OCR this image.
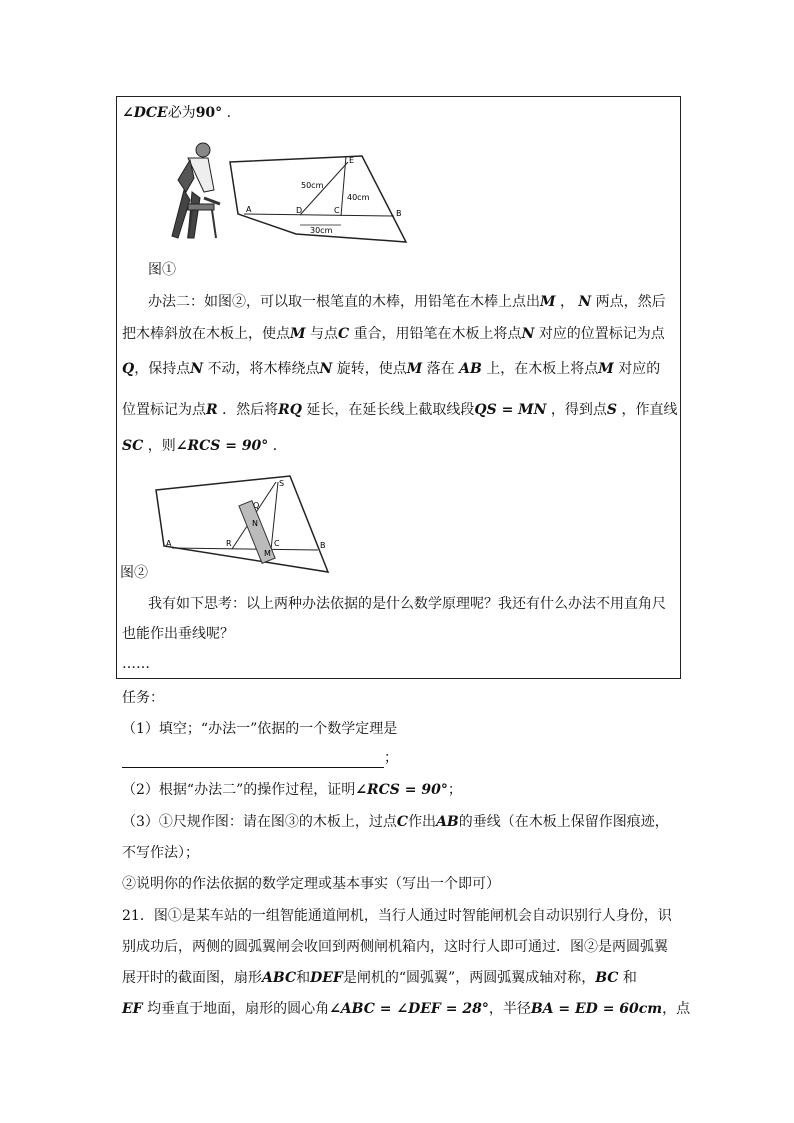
∠DCE必为90° .
A	D	C	B
E
50cm
40cm
30cm
图①
办法二：如图②，可以取一根笔直的木棒，用铅笔在木棒上点出M ， N 两点，然后
把木棒斜放在木板上，使点M 与点C 重合，用铅笔在木板上将点N 对应的位置标记为点
Q，保持点N 不动，将木棒绕点N 旋转，使点M 落在 AB 上，在木板上将点M 对应的
位置标记为点R ．然后将RQ 延长，在延长线上截取线段QS = MN ，得到点S ，作直线
SC ，则∠RCS = 90° ．
A	R	C	B
S
Q
N
M
图②
我有如下思考：以上两种办法依据的是什么数学原理呢？我还有什么办法不用直角尺
也能作出垂线呢？
……
任务：
（1）填空；“办法一”依据的一个数学定理是
；
（2）根据“办法二”的操作过程，证明∠RCS = 90°；
（3）①尺规作图：请在图③的木板上，过点C作出AB的垂线（在木板上保留作图痕迹，
不写作法）；
②说明你的作法依据的数学定理或基本事实（写出一个即可）
21．图①是某车站的一组智能通道闸机，当行人通过时智能闸机会自动识别行人身份，识
别成功后，两侧的圆弧翼闸会收回到两侧闸机箱内，这时行人即可通过．图②是两圆弧翼
展开时的截面图，扇形ABC和DEF是闸机的“圆弧翼”，两圆弧翼成轴对称，BC 和
EF 均垂直于地面，扇形的圆心角∠ABC = ∠DEF = 28°，半径BA = ED = 60cm，点
